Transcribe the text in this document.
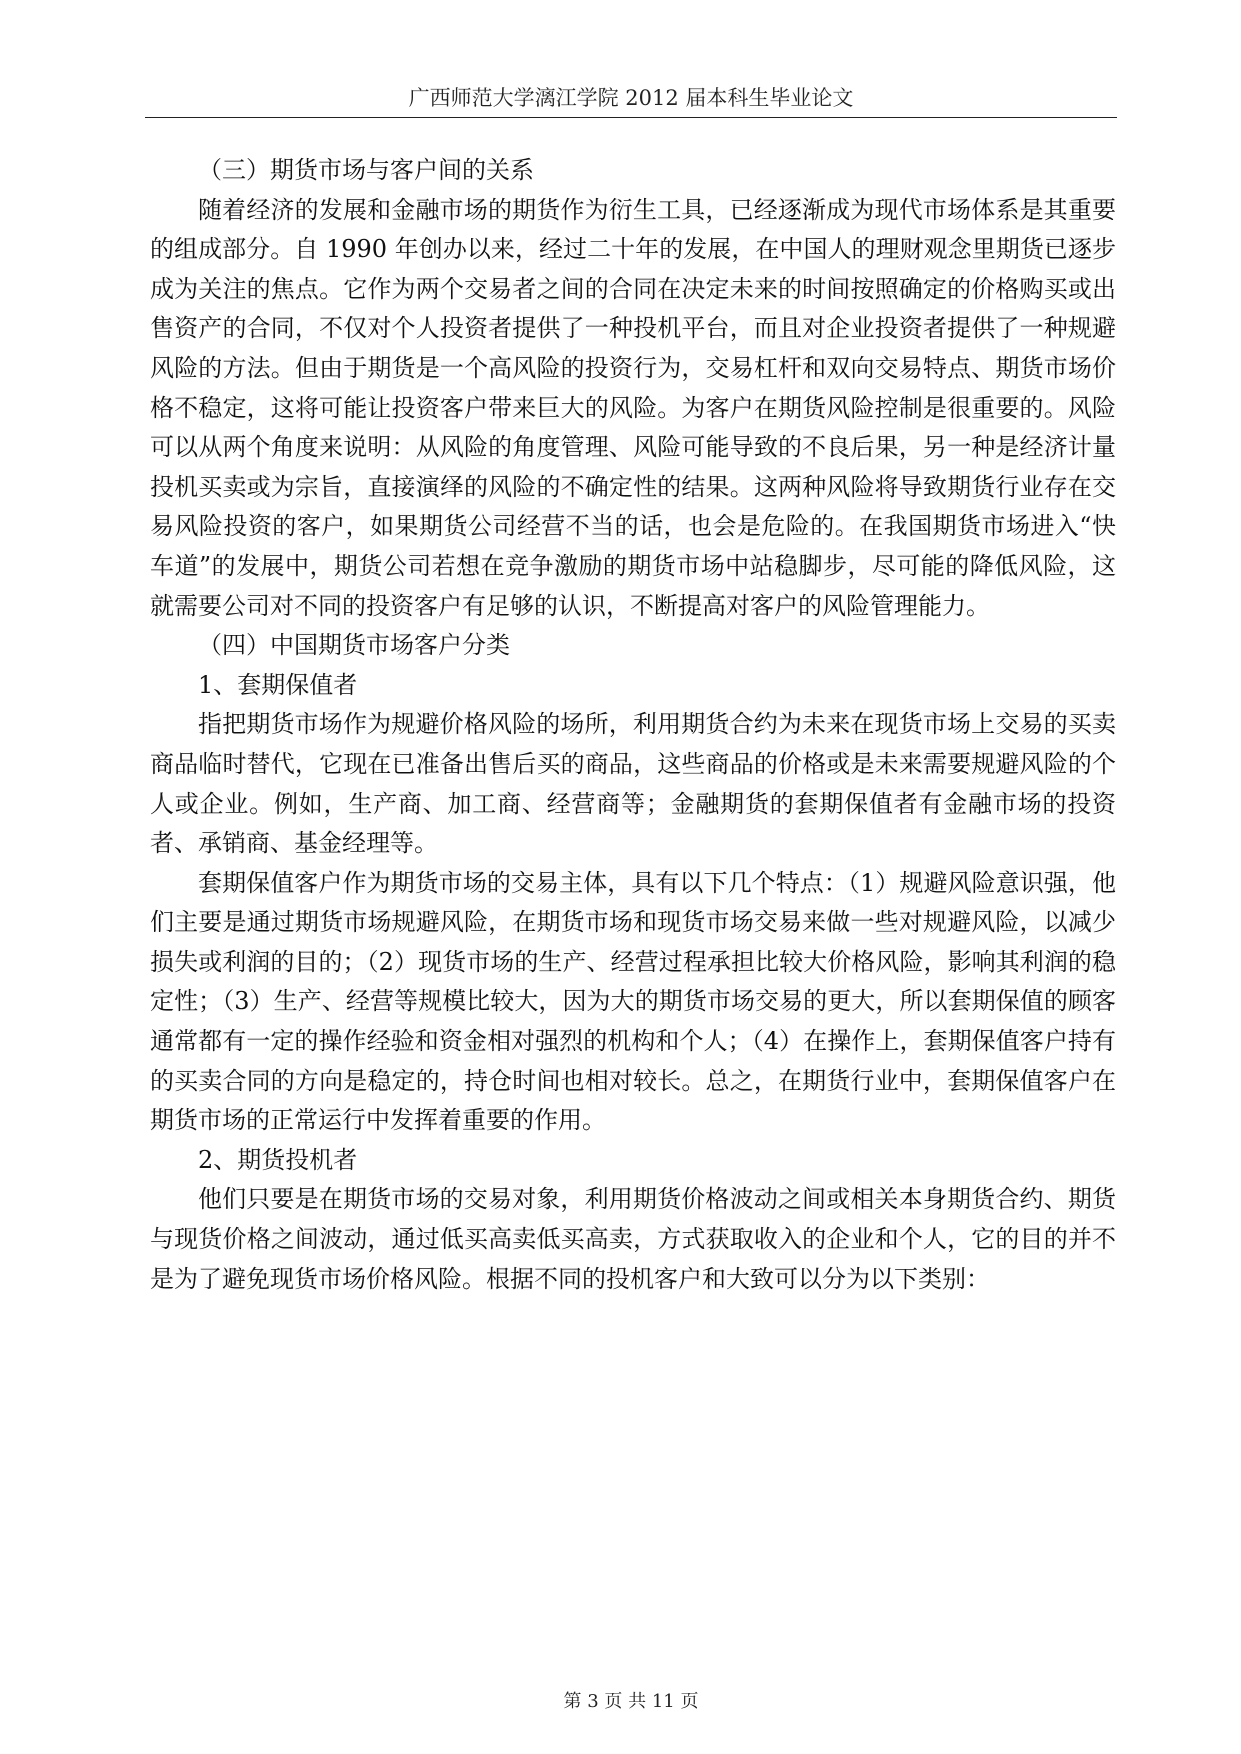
广西师范大学漓江学院 2012 届本科生毕业论文

（三）期货市场与客户间的关系

随着经济的发展和金融市场的期货作为衍生工具，已经逐渐成为现代市场体系是其重要的组成部分。自 1990 年创办以来，经过二十年的发展，在中国人的理财观念里期货已逐步成为关注的焦点。它作为两个交易者之间的合同在决定未来的时间按照确定的价格购买或出售资产的合同，不仅对个人投资者提供了一种投机平台，而且对企业投资者提供了一种规避风险的方法。但由于期货是一个高风险的投资行为，交易杠杆和双向交易特点、期货市场价格不稳定，这将可能让投资客户带来巨大的风险。为客户在期货风险控制是很重要的。风险可以从两个角度来说明：从风险的角度管理、风险可能导致的不良后果，另一种是经济计量投机买卖或为宗旨，直接演绎的风险的不确定性的结果。这两种风险将导致期货行业存在交易风险投资的客户，如果期货公司经营不当的话，也会是危险的。在我国期货市场进入“快车道”的发展中，期货公司若想在竞争激励的期货市场中站稳脚步，尽可能的降低风险，这就需要公司对不同的投资客户有足够的认识，不断提高对客户的风险管理能力。

（四）中国期货市场客户分类

1、套期保值者

指把期货市场作为规避价格风险的场所，利用期货合约为未来在现货市场上交易的买卖商品临时替代，它现在已准备出售后买的商品，这些商品的价格或是未来需要规避风险的个人或企业。例如，生产商、加工商、经营商等；金融期货的套期保值者有金融市场的投资者、承销商、基金经理等。

套期保值客户作为期货市场的交易主体，具有以下几个特点：（1）规避风险意识强，他们主要是通过期货市场规避风险，在期货市场和现货市场交易来做一些对规避风险，以减少损失或利润的目的；（2）现货市场的生产、经营过程承担比较大价格风险，影响其利润的稳定性；（3）生产、经营等规模比较大，因为大的期货市场交易的更大，所以套期保值的顾客通常都有一定的操作经验和资金相对强烈的机构和个人；（4）在操作上，套期保值客户持有的买卖合同的方向是稳定的，持仓时间也相对较长。总之，在期货行业中，套期保值客户在期货市场的正常运行中发挥着重要的作用。

2、期货投机者

他们只要是在期货市场的交易对象，利用期货价格波动之间或相关本身期货合约、期货与现货价格之间波动，通过低买高卖低买高卖，方式获取收入的企业和个人，它的目的并不是为了避免现货市场价格风险。根据不同的投机客户和大致可以分为以下类别：

第 3 页 共 11 页
